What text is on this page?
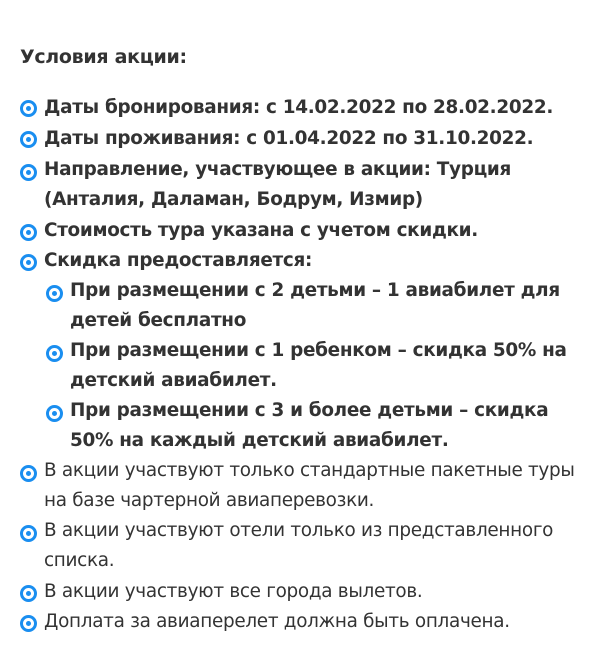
Условия акции:
Даты бронирования: с 14.02.2022 по 28.02.2022.
Даты проживания: с 01.04.2022 по 31.10.2022.
Направление, участвующее в акции: Турция (Анталия, Даламан, Бодрум, Измир)
Стоимость тура указана с учетом скидки.
Скидка предоставляется:
При размещении с 2 детьми – 1 авиабилет для детей бесплатно
При размещении с 1 ребенком – скидка 50% на детский авиабилет.
При размещении с 3 и более детьми – скидка 50% на каждый детский авиабилет.
В акции участвуют только стандартные пакетные туры на базе чартерной авиаперевозки.
В акции участвуют отели только из представленного списка.
В акции участвуют все города вылетов.
Доплата за авиаперелет должна быть оплачена.
